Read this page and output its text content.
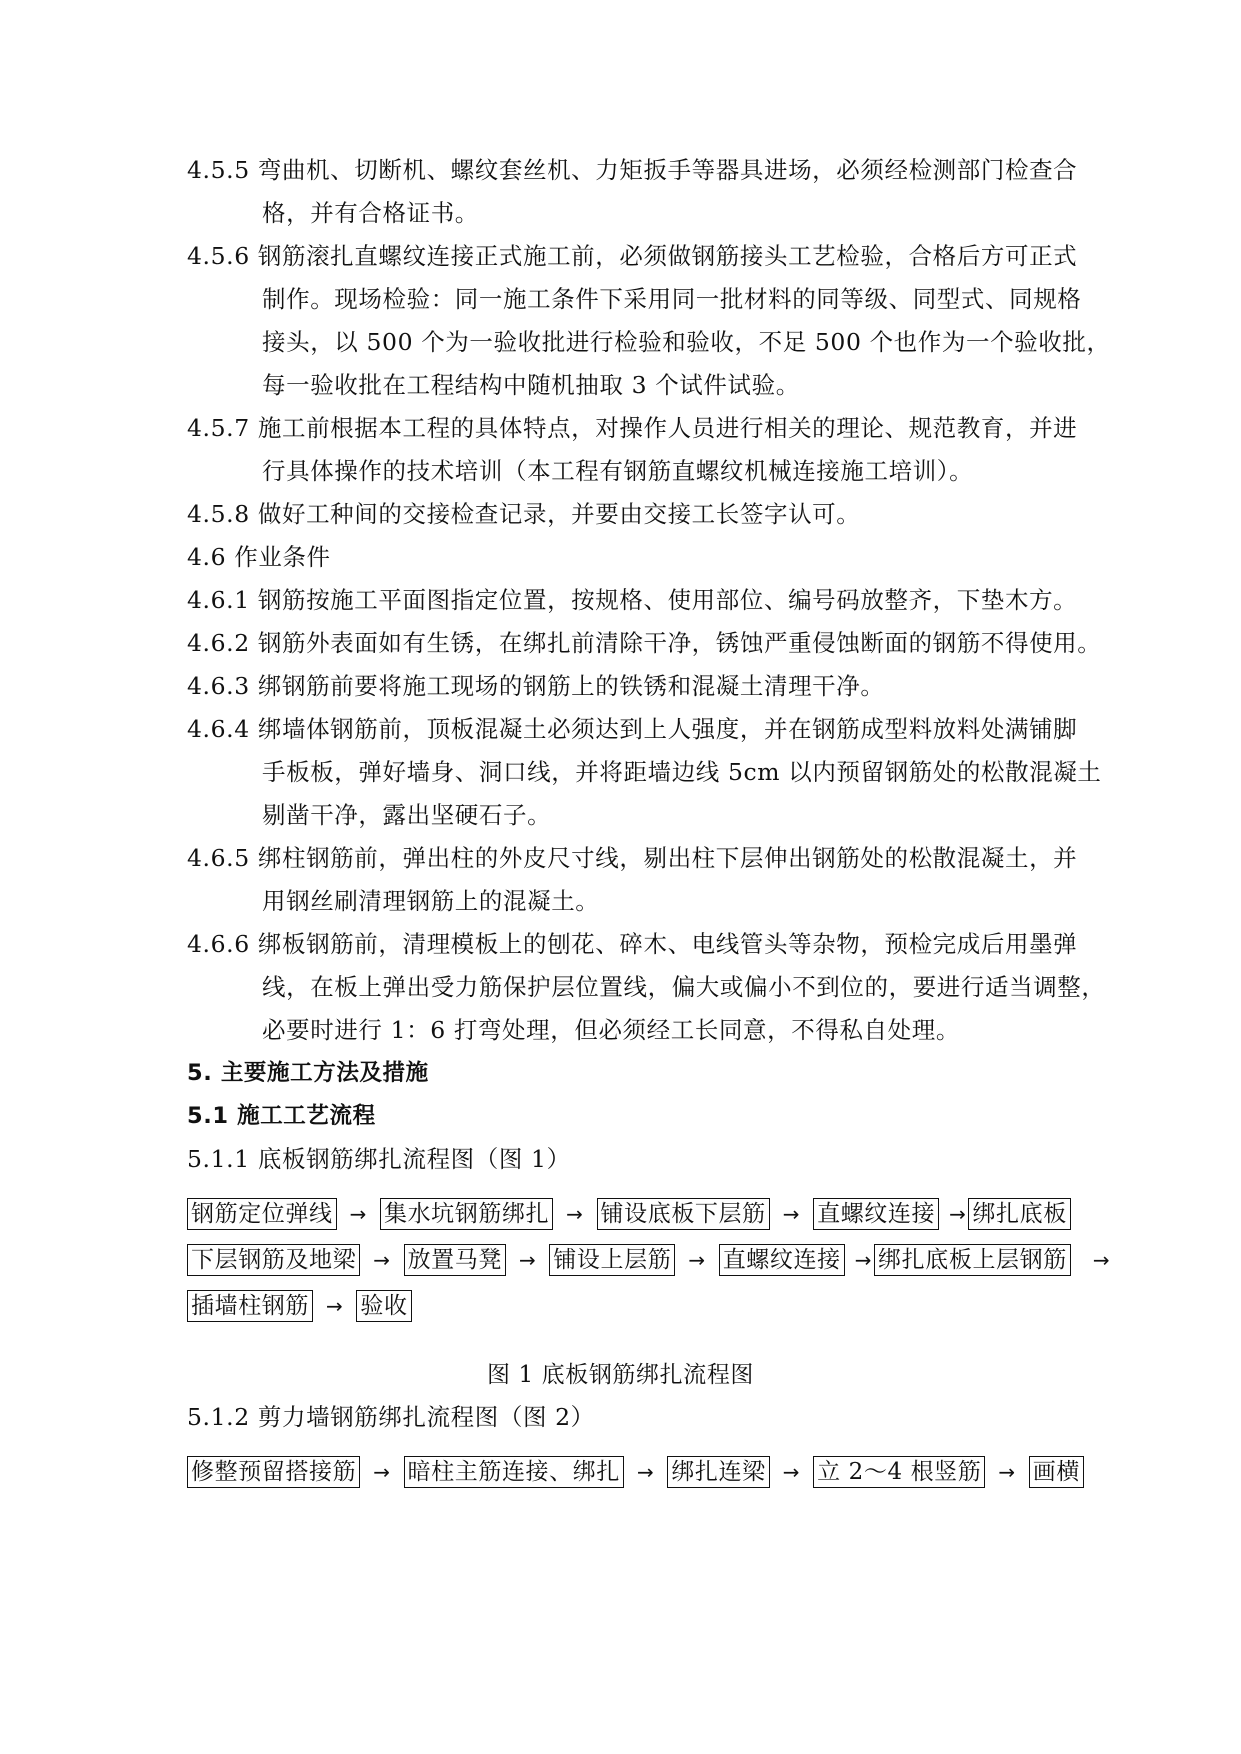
4.5.5 弯曲机、切断机、螺纹套丝机、力矩扳手等器具进场，必须经检测部门检查合
格，并有合格证书。
4.5.6 钢筋滚扎直螺纹连接正式施工前，必须做钢筋接头工艺检验，合格后方可正式
制作。现场检验：同一施工条件下采用同一批材料的同等级、同型式、同规格
接头，以 500 个为一验收批进行检验和验收，不足 500 个也作为一个验收批，
每一验收批在工程结构中随机抽取 3 个试件试验。
4.5.7 施工前根据本工程的具体特点，对操作人员进行相关的理论、规范教育，并进
行具体操作的技术培训（本工程有钢筋直螺纹机械连接施工培训）。
4.5.8 做好工种间的交接检查记录，并要由交接工长签字认可。
4.6 作业条件
4.6.1 钢筋按施工平面图指定位置，按规格、使用部位、编号码放整齐，下垫木方。
4.6.2 钢筋外表面如有生锈，在绑扎前清除干净，锈蚀严重侵蚀断面的钢筋不得使用。
4.6.3 绑钢筋前要将施工现场的钢筋上的铁锈和混凝土清理干净。
4.6.4 绑墙体钢筋前，顶板混凝土必须达到上人强度，并在钢筋成型料放料处满铺脚
手板板，弹好墙身、洞口线，并将距墙边线 5cm 以内预留钢筋处的松散混凝土
剔凿干净，露出坚硬石子。
4.6.5 绑柱钢筋前，弹出柱的外皮尺寸线，剔出柱下层伸出钢筋处的松散混凝土，并
用钢丝刷清理钢筋上的混凝土。
4.6.6 绑板钢筋前，清理模板上的刨花、碎木、电线管头等杂物，预检完成后用墨弹
线，在板上弹出受力筋保护层位置线，偏大或偏小不到位的，要进行适当调整，
必要时进行 1：6 打弯处理，但必须经工长同意，不得私自处理。
5. 主要施工方法及措施
5.1 施工工艺流程
5.1.1 底板钢筋绑扎流程图（图 1）
钢筋定位弹线 → 集水坑钢筋绑扎 → 铺设底板下层筋 → 直螺纹连接 → 绑扎底板
下层钢筋及地梁 → 放置马凳 → 铺设上层筋 → 直螺纹连接 → 绑扎底板上层钢筋	→
插墙柱钢筋 → 验收
图 1 底板钢筋绑扎流程图
5.1.2 剪力墙钢筋绑扎流程图（图 2）
修整预留搭接筋 → 暗柱主筋连接、绑扎 → 绑扎连梁 → 立 2～4 根竖筋 → 画横
